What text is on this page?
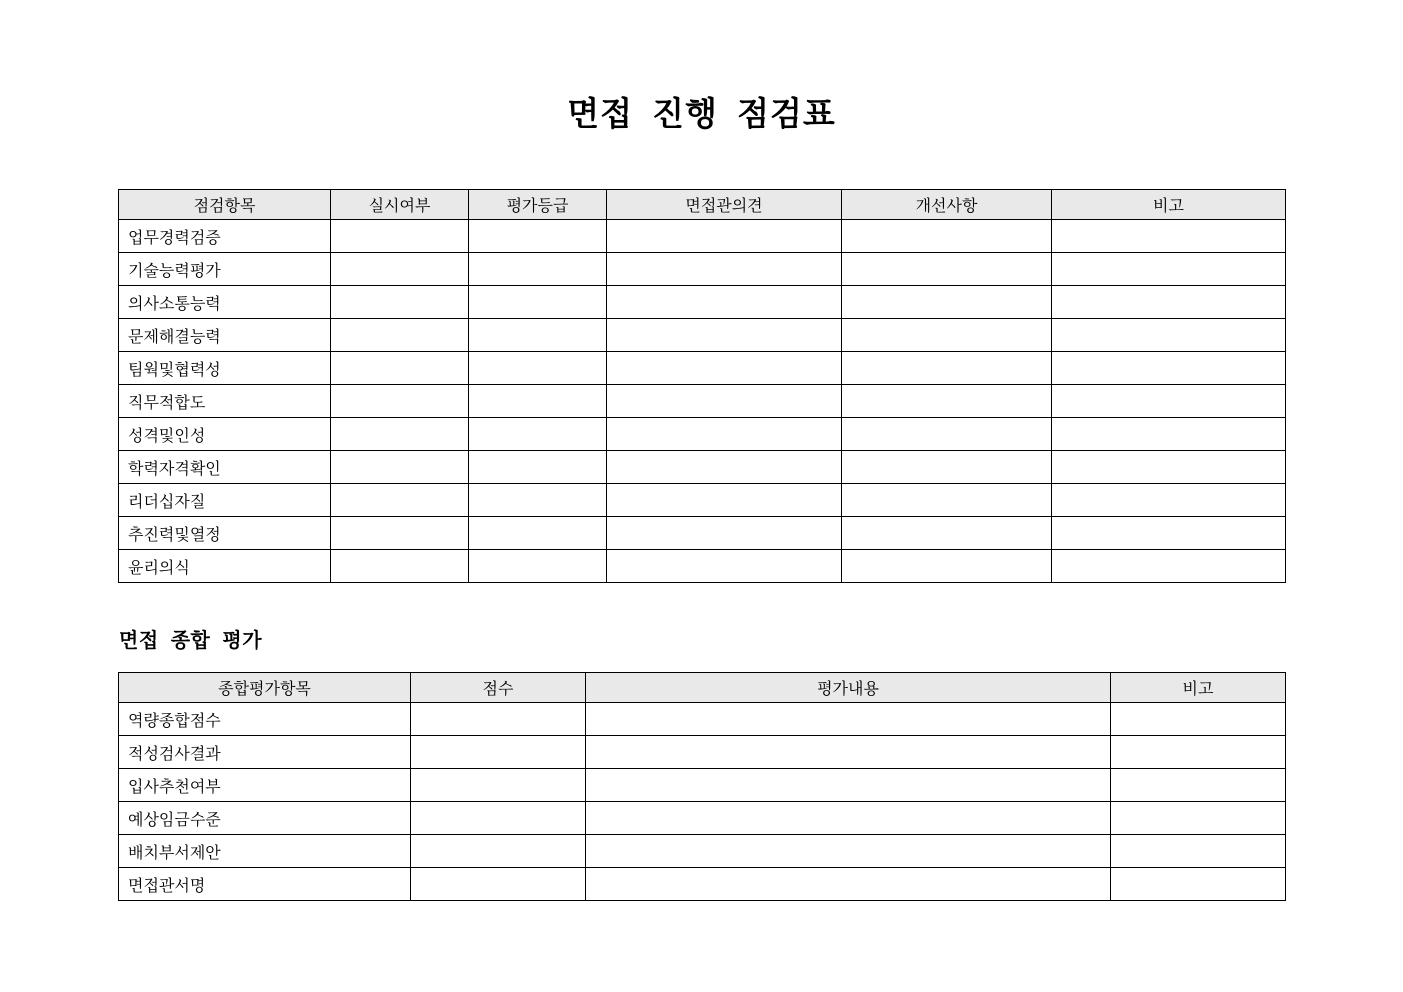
면접 진행 점검표
점검항목	실시여부	평가등급	면접관의견	개선사항	비고
업무경력검증					
기술능력평가					
의사소통능력					
문제해결능력					
팀웍및협력성					
직무적합도					
성격및인성					
학력자격확인					
리더십자질					
추진력및열정					
윤리의식					
면접 종합 평가
종합평가항목	점수	평가내용	비고
역량종합점수			
적성검사결과			
입사추천여부			
예상임금수준			
배치부서제안			
면접관서명			
